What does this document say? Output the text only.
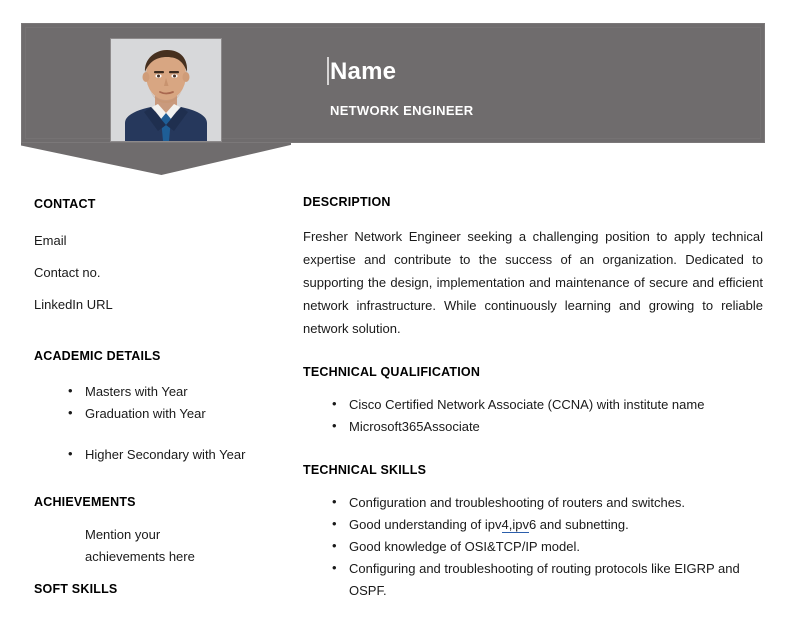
Name
NETWORK ENGINEER
CONTACT
Email
Contact no.
LinkedIn URL
ACADEMIC DETAILS
• Masters with Year
• Graduation with Year
• Higher Secondary with Year
ACHIEVEMENTS
Mention your
achievements here
SOFT SKILLS
DESCRIPTION

Fresher Network Engineer seeking a challenging position to apply technical expertise and contribute to the success of an organization. Dedicated to supporting the design, implementation and maintenance of secure and efficient network infrastructure. While continuously learning and growing to reliable network solution.

TECHNICAL QUALIFICATION
• Cisco Certified Network Associate (CCNA) with institute name
• Microsoft365Associate
TECHNICAL SKILLS
• Configuration and troubleshooting of routers and switches.
• Good understanding of ipv4,ipv6 and subnetting.
• Good knowledge of OSI&TCP/IP model.
• Configuring and troubleshooting of routing protocols like EIGRP and OSPF.
